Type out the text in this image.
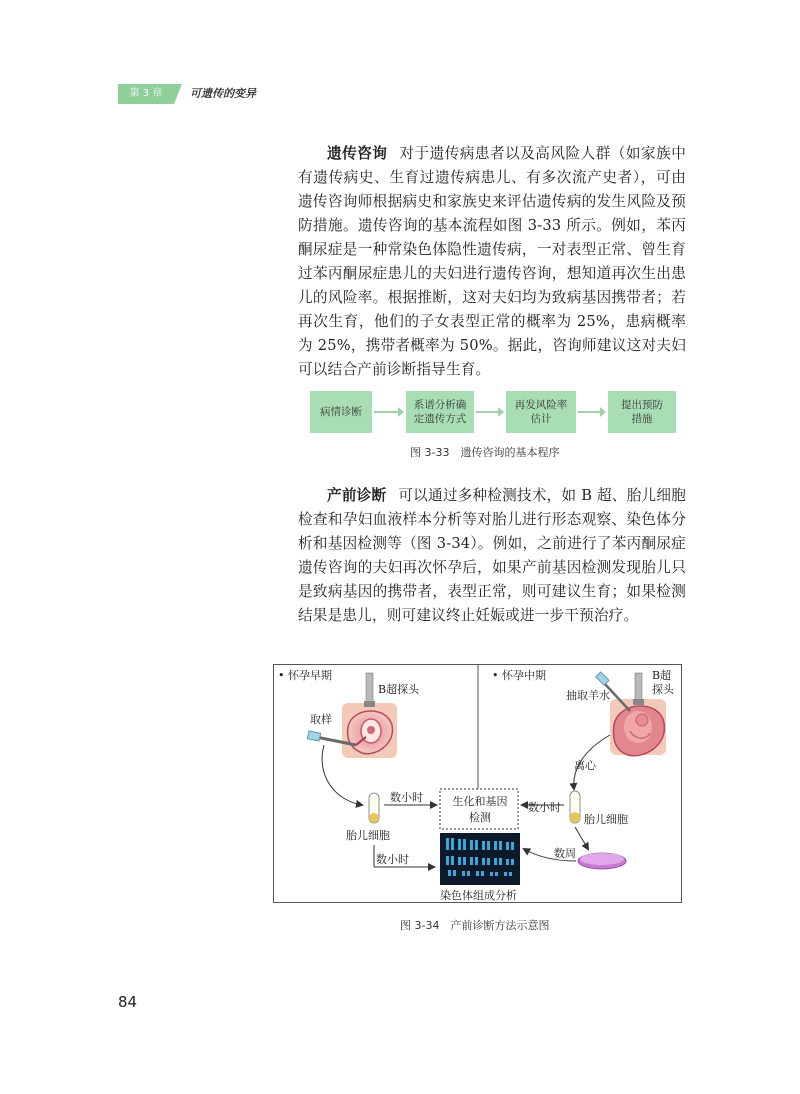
第 3 章	可遗传的变异

遗传咨询 对于遗传病患者以及高风险人群（如家族中有遗传病史、生育过遗传病患儿、有多次流产史者），可由遗传咨询师根据病史和家族史来评估遗传病的发生风险及预防措施。遗传咨询的基本流程如图 3-33 所示。例如，苯丙酮尿症是一种常染色体隐性遗传病，一对表型正常、曾生育过苯丙酮尿症患儿的夫妇进行遗传咨询，想知道再次生出患儿的风险率。根据推断，这对夫妇均为致病基因携带者；若再次生育，他们的子女表型正常的概率为 25%，患病概率为 25%，携带者概率为 50%。据此，咨询师建议这对夫妇可以结合产前诊断指导生育。

病情诊断
系谱分析确定遗传方式
再发风险率估计
提出预防措施
图 3-33　遗传咨询的基本程序

产前诊断 可以通过多种检测技术，如 B 超、胎儿细胞检查和孕妇血液样本分析等对胎儿进行形态观察、染色体分析和基因检测等（图 3-34）。例如，之前进行了苯丙酮尿症遗传咨询的夫妇再次怀孕后，如果产前基因检测发现胎儿只是致病基因的携带者，表型正常，则可建议生育；如果检测结果是患儿，则可建议终止妊娠或进一步干预治疗。

• 怀孕早期	• 怀孕中期
B超探头
B超
探头
取样
抽取羊水
离心
数小时
数小时
胎儿细胞
胎儿细胞
生化和基因
检测
数小时	数周
染色体组成分析
图 3-34　产前诊断方法示意图
84
